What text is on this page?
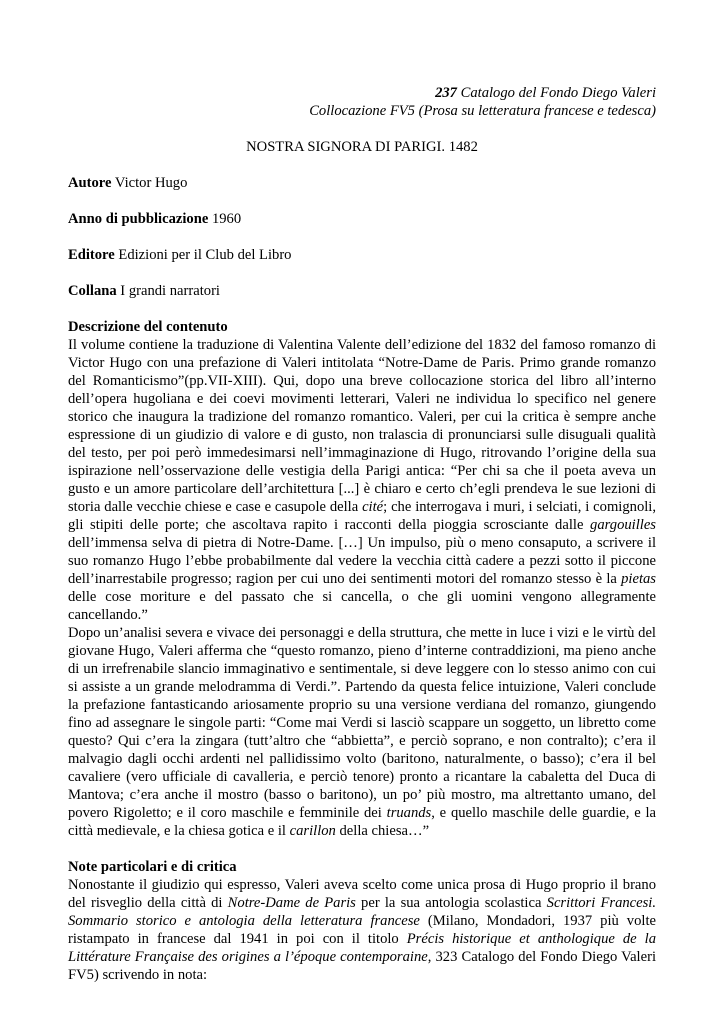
237 Catalogo del Fondo Diego Valeri
Collocazione FV5 (Prosa su letteratura francese e tedesca)
NOSTRA SIGNORA DI PARIGI. 1482
Autore Victor Hugo
Anno di pubblicazione 1960
Editore Edizioni per il Club del Libro
Collana I grandi narratori
Descrizione del contenuto

Il volume contiene la traduzione di Valentina Valente dell’edizione del 1832 del famoso romanzo di Victor Hugo con una prefazione di Valeri intitolata “Notre-Dame de Paris. Primo grande romanzo del Romanticismo”(pp.VII-XIII). Qui, dopo una breve collocazione storica del libro all’interno dell’opera hugoliana e dei coevi movimenti letterari, Valeri ne individua lo specifico nel genere storico che inaugura la tradizione del romanzo romantico. Valeri, per cui la critica è sempre anche espressione di un giudizio di valore e di gusto, non tralascia di pronunciarsi sulle disuguali qualità del testo, per poi però immedesimarsi nell’immaginazione di Hugo, ritrovando l’origine della sua ispirazione nell’osservazione delle vestigia della Parigi antica: “Per chi sa che il poeta aveva un gusto e un amore particolare dell’architettura [...] è chiaro e certo ch’egli prendeva le sue lezioni di storia dalle vecchie chiese e case e casupole della cité; che interrogava i muri, i selciati, i comignoli, gli stipiti delle porte; che ascoltava rapito i racconti della pioggia scrosciante dalle gargouilles dell’immensa selva di pietra di Notre-Dame. […] Un impulso, più o meno consaputo, a scrivere il suo romanzo Hugo l’ebbe probabilmente dal vedere la vecchia città cadere a pezzi sotto il piccone dell’inarrestabile progresso; ragion per cui uno dei sentimenti motori del romanzo stesso è la pietas delle cose moriture e del passato che si cancella, o che gli uomini vengono allegramente cancellando.”

Dopo un’analisi severa e vivace dei personaggi e della struttura, che mette in luce i vizi e le virtù del giovane Hugo, Valeri afferma che “questo romanzo, pieno d’interne contraddizioni, ma pieno anche di un irrefrenabile slancio immaginativo e sentimentale, si deve leggere con lo stesso animo con cui si assiste a un grande melodramma di Verdi.”. Partendo da questa felice intuizione, Valeri conclude la prefazione fantasticando ariosamente proprio su una versione verdiana del romanzo, giungendo fino ad assegnare le singole parti: “Come mai Verdi si lasciò scappare un soggetto, un libretto come questo? Qui c’era la zingara (tutt’altro che “abbietta”, e perciò soprano, e non contralto); c’era il malvagio dagli occhi ardenti nel pallidissimo volto (baritono, naturalmente, o basso); c’era il bel cavaliere (vero ufficiale di cavalleria, e perciò tenore) pronto a ricantare la cabaletta del Duca di Mantova; c’era anche il mostro (basso o baritono), un po’ più mostro, ma altrettanto umano, del povero Rigoletto; e il coro maschile e femminile dei truands, e quello maschile delle guardie, e la città medievale, e la chiesa gotica e il carillon della chiesa…”

Note particolari e di critica

Nonostante il giudizio qui espresso, Valeri aveva scelto come unica prosa di Hugo proprio il brano del risveglio della città di Notre-Dame de Paris per la sua antologia scolastica Scrittori Francesi. Sommario storico e antologia della letteratura francese (Milano, Mondadori, 1937 più volte ristampato in francese dal 1941 in poi con il titolo Précis historique et anthologique de la Littérature Française des origines a l’époque contemporaine, 323 Catalogo del Fondo Diego Valeri FV5) scrivendo in nota:
